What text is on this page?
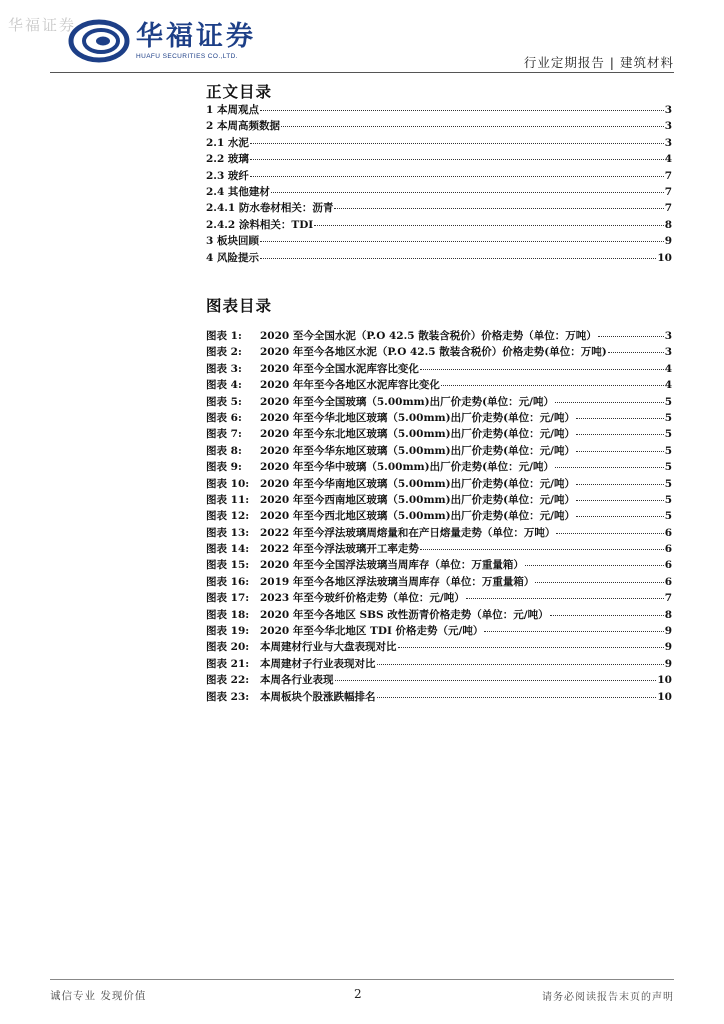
华福证券 华福证券
HUAFU SECURITIES CO.,LTD.	行业定期报告 | 建筑材料
正文目录
1 本周观点	3
2 本周高频数据	3
2.1 水泥	3
2.2 玻璃	4
2.3 玻纤	7
2.4 其他建材	7
2.4.1 防水卷材相关：沥青	7
2.4.2 涂料相关：TDI	8
3 板块回顾	9
4 风险提示	10
图表目录
图表 1:	2020 至今全国水泥（P.O 42.5 散装含税价）价格走势（单位：万吨）	3
图表 2:	2020 年至今各地区水泥（P.O 42.5 散装含税价）价格走势(单位：万吨)	3
图表 3:	2020 年至今全国水泥库容比变化	4
图表 4:	2020 年年至今各地区水泥库容比变化	4
图表 5:	2020 年至今全国玻璃（5.00mm)出厂价走势(单位：元/吨）	5
图表 6:	2020 年至今华北地区玻璃（5.00mm)出厂价走势(单位：元/吨）	5
图表 7:	2020 年至今东北地区玻璃（5.00mm)出厂价走势(单位：元/吨）	5
图表 8:	2020 年至今华东地区玻璃（5.00mm)出厂价走势(单位：元/吨）	5
图表 9:	2020 年至今华中玻璃（5.00mm)出厂价走势(单位：元/吨）	5
图表 10:	2020 年至今华南地区玻璃（5.00mm)出厂价走势(单位：元/吨）	5
图表 11:	2020 年至今西南地区玻璃（5.00mm)出厂价走势(单位：元/吨）	5
图表 12:	2020 年至今西北地区玻璃（5.00mm)出厂价走势(单位：元/吨）	5
图表 13:	2022 年至今浮法玻璃周熔量和在产日熔量走势（单位：万吨）	6
图表 14:	2022 年至今浮法玻璃开工率走势	6
图表 15:	2020 年至今全国浮法玻璃当周库存（单位：万重量箱）	6
图表 16:	2019 年至今各地区浮法玻璃当周库存（单位：万重量箱）	6
图表 17:	2023 年至今玻纤价格走势（单位：元/吨）	7
图表 18:	2020 年至今各地区 SBS 改性沥青价格走势（单位：元/吨）	8
图表 19:	2020 年至今华北地区 TDI 价格走势（元/吨）	9
图表 20:	本周建材行业与大盘表现对比	9
图表 21:	本周建材子行业表现对比	9
图表 22:	本周各行业表现	10
图表 23:	本周板块个股涨跌幅排名	10
诚信专业 发现价值	2	请务必阅读报告末页的声明
